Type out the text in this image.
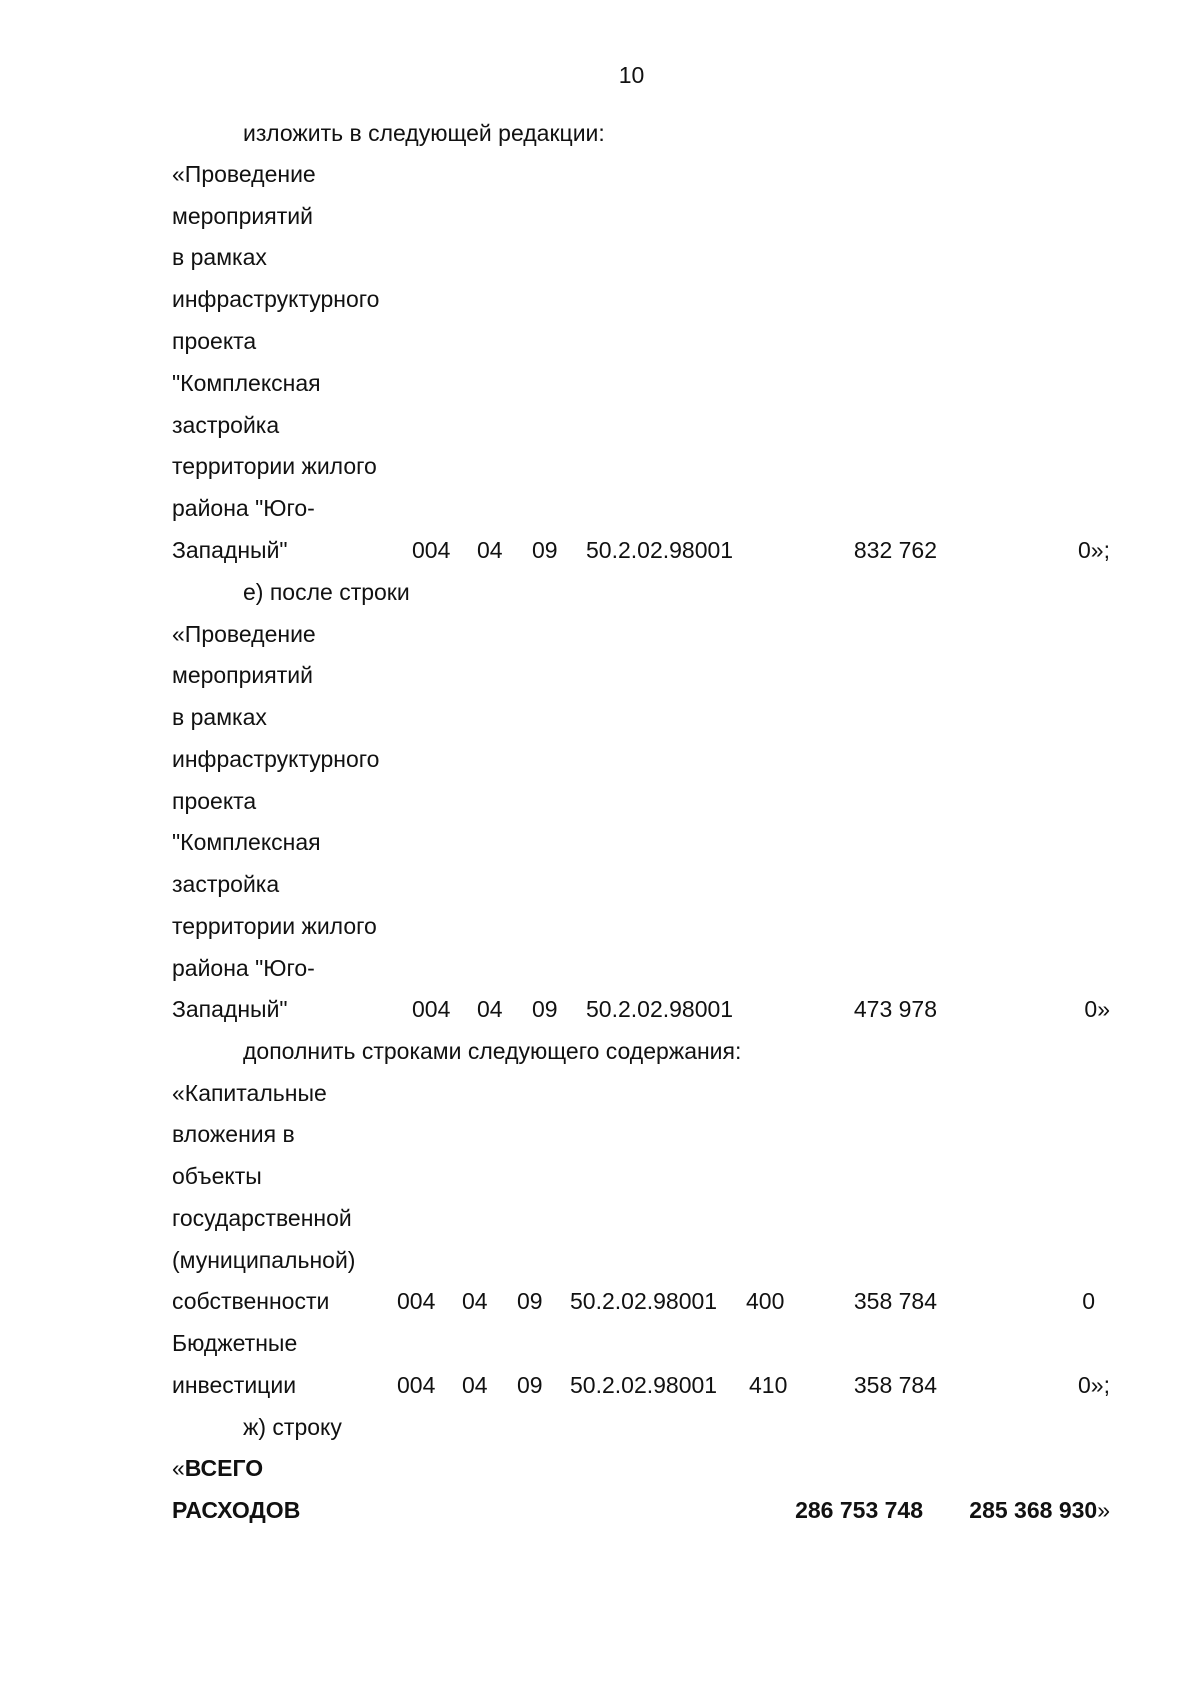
10
изложить в следующей редакции:
«Проведение
мероприятий
в рамках
инфраструктурного
проекта
"Комплексная
застройка
территории жилого
района "Юго-
Западный"	004 04 09 50.2.02.98001	832 762	0»;
е) после строки
«Проведение
мероприятий
в рамках
инфраструктурного
проекта
"Комплексная
застройка
территории жилого
района "Юго-
Западный"	004 04 09 50.2.02.98001	473 978	0»
дополнить строками следующего содержания:
«Капитальные
вложения в
объекты
государственной
(муниципальной)
собственности	004 04 09 50.2.02.98001 400	358 784	0
Бюджетные
инвестиции	004 04 09 50.2.02.98001 410	358 784	0»;
ж) строку
«ВСЕГО
РАСХОДОВ	286 753 748	285 368 930»
